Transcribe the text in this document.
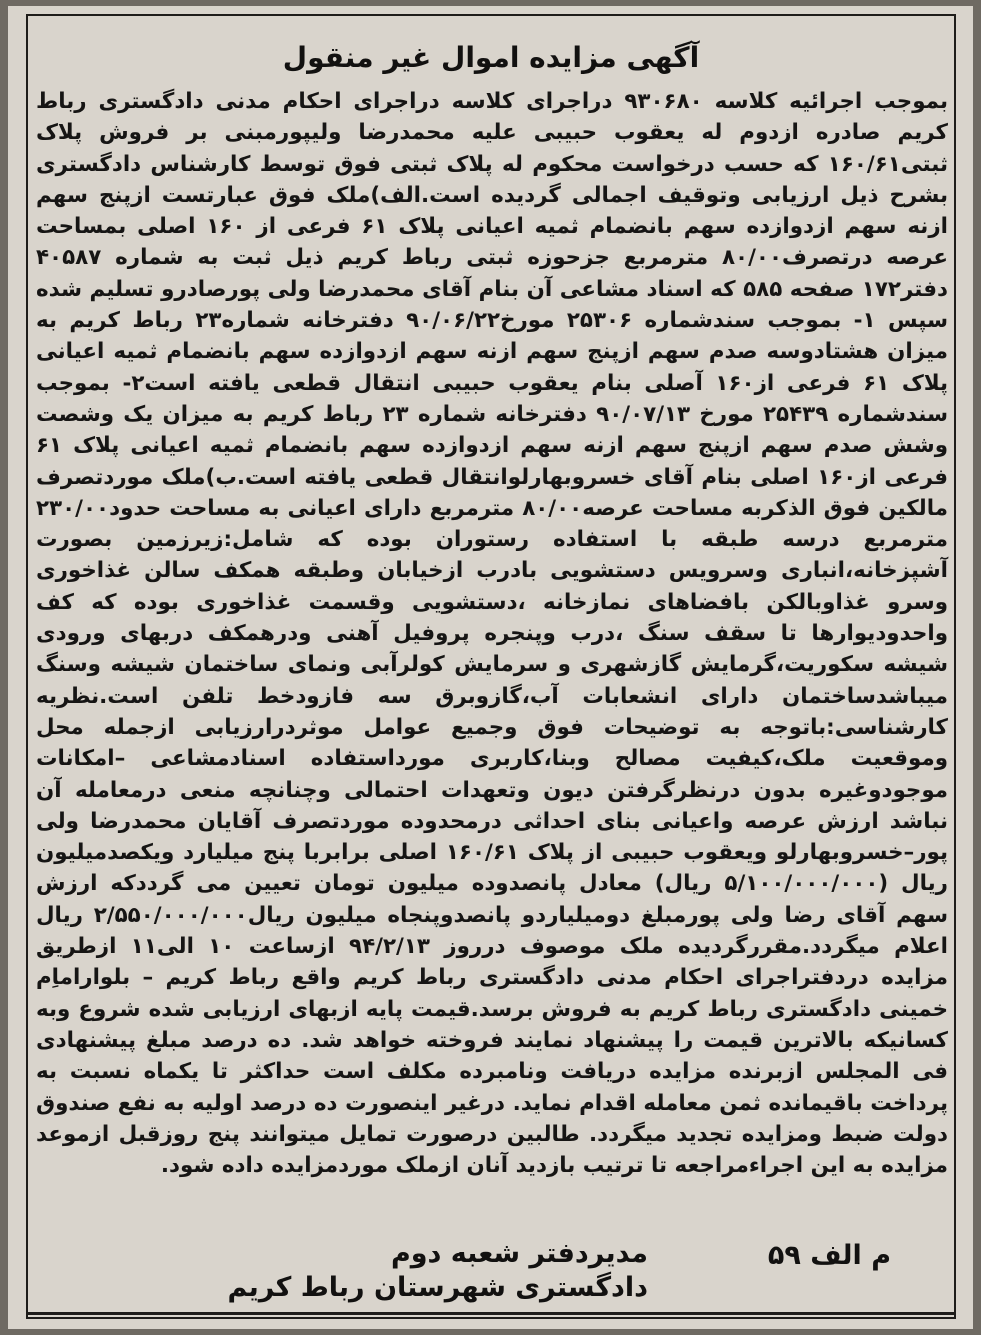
آگهی مزایده اموال غیر منقول

بموجب اجرائیه کلاسه ۹۳۰۶۸۰ دراجرای کلاسه دراجرای احکام مدنی دادگستری رباط کریم صادره ازدوم له یعقوب حبیبی علیه محمدرضا ولیپورمبنی بر فروش پلاک ثبتی۱۶۰/۶۱ که حسب درخواست محکوم له پلاک ثبتی فوق توسط کارشناس دادگستری بشرح ذیل ارزیابی وتوقیف اجمالی گردیده است.الف)ملک فوق عبارتست ازپنج سهم ازنه سهم ازدوازده سهم بانضمام ثمیه اعیانی پلاک ۶۱ فرعی از ۱۶۰ اصلی بمساحت عرصه درتصرف۸۰/۰۰ مترمربع جزحوزه ثبتی رباط کریم ذیل ثبت به شماره ۴۰۵۸۷ دفتر۱۷۲ صفحه ۵۸۵ که اسناد مشاعی آن بنام آقای محمدرضا ولی پورصادرو تسلیم شده سپس ۱- بموجب سندشماره ۲۵۳۰۶ مورخ۹۰/۰۶/۲۲ دفترخانه شماره۲۳ رباط کریم به میزان هشتادوسه صدم سهم ازپنج سهم ازنه سهم ازدوازده سهم بانضمام ثمیه اعیانی پلاک ۶۱ فرعی از۱۶۰ آصلی بنام یعقوب حبیبی انتقال قطعی یافته است۲- بموجب سندشماره ۲۵۴۳۹ مورخ ۹۰/۰۷/۱۳ دفترخانه شماره ۲۳ رباط کریم به میزان یک وشصت وشش صدم سهم ازپنج سهم ازنه سهم ازدوازده سهم بانضمام ثمیه اعیانی پلاک ۶۱ فرعی از۱۶۰ اصلی بنام آقای خسروبهارلوانتقال قطعی یافته است.ب)ملک موردتصرف مالکین فوق الذکربه مساحت عرصه۸۰/۰۰ مترمربع دارای اعیانی به مساحت حدود۲۳۰/۰۰ مترمربع درسه طبقه با استفاده رستوران بوده که شامل:زیرزمین بصورت آشپزخانه،انباری وسرویس دستشویی بادرب ازخیابان وطبقه همکف سالن غذاخوری وسرو غذاوبالکن بافضاهای نمازخانه ،دستشویی وقسمت غذاخوری بوده که کف واحدودیوارها تا سقف سنگ ،درب وپنجره پروفیل آهنی ودرهمکف دربهای ورودی شیشه سکوریت،گرمایش گازشهری و سرمایش کولرآبی ونمای ساختمان شیشه وسنگ میباشدساختمان دارای انشعابات آب،گازوبرق سه فازودخط تلفن است.نظریه کارشناسی:باتوجه به توضیحات فوق وجمیع عوامل موثردرارزیابی ازجمله محل وموقعیت ملک،کیفیت مصالح وبنا،کاربری مورداستفاده اسنادمشاعی –امکانات موجودوغیره بدون درنظرگرفتن دیون وتعهدات احتمالی وچنانچه منعی درمعامله آن نباشد ارزش عرصه واعیانی بنای احداثی درمحدوده موردتصرف آقایان محمدرضا ولی پور–خسروبهارلو ویعقوب حبیبی از پلاک ۱۶۰/۶۱ اصلی برابربا پنج میلیارد ویکصدمیلیون ریال (۵/۱۰۰/۰۰۰/۰۰۰ ریال) معادل پانصدوده میلیون تومان تعیین می گرددکه ارزش سهم آقای رضا ولی پورمبلغ دومیلیاردو پانصدوپنجاه میلیون ریال۲/۵۵۰/۰۰۰/۰۰۰ ریال اعلام میگردد.مقررگردیده ملک موصوف درروز ۹۴/۲/۱۳ ازساعت ۱۰ الی۱۱ ازطریق مزایده دردفتراجرای احکام مدنی دادگستری رباط کریم واقع رباط کریم – بلواراماِم خمینی دادگستری رباط کریم به فروش برسد.قیمت پایه ازبهای ارزیابی شده شروع وبه کسانیکه بالاترین قیمت را پیشنهاد نمایند فروخته خواهد شد. ده درصد مبلغ پیشنهادی فی المجلس ازبرنده مزایده دریافت ونامبرده مکلف است حداکثر تا یکماه نسبت به پرداخت باقیمانده ثمن معامله اقدام نماید. درغیر اینصورت ده درصد اولیه به نفع صندوق دولت ضبط ومزایده تجدید میگردد. طالبین درصورت تمایل میتوانند پنج روزقبل ازموعد مزایده به این اجراءمراجعه تا ترتیب بازدید آنان ازملک موردمزایده داده شود.

م الف ۵۹
مدیردفتر شعبه دوم
دادگستری شهرستان رباط کریم
